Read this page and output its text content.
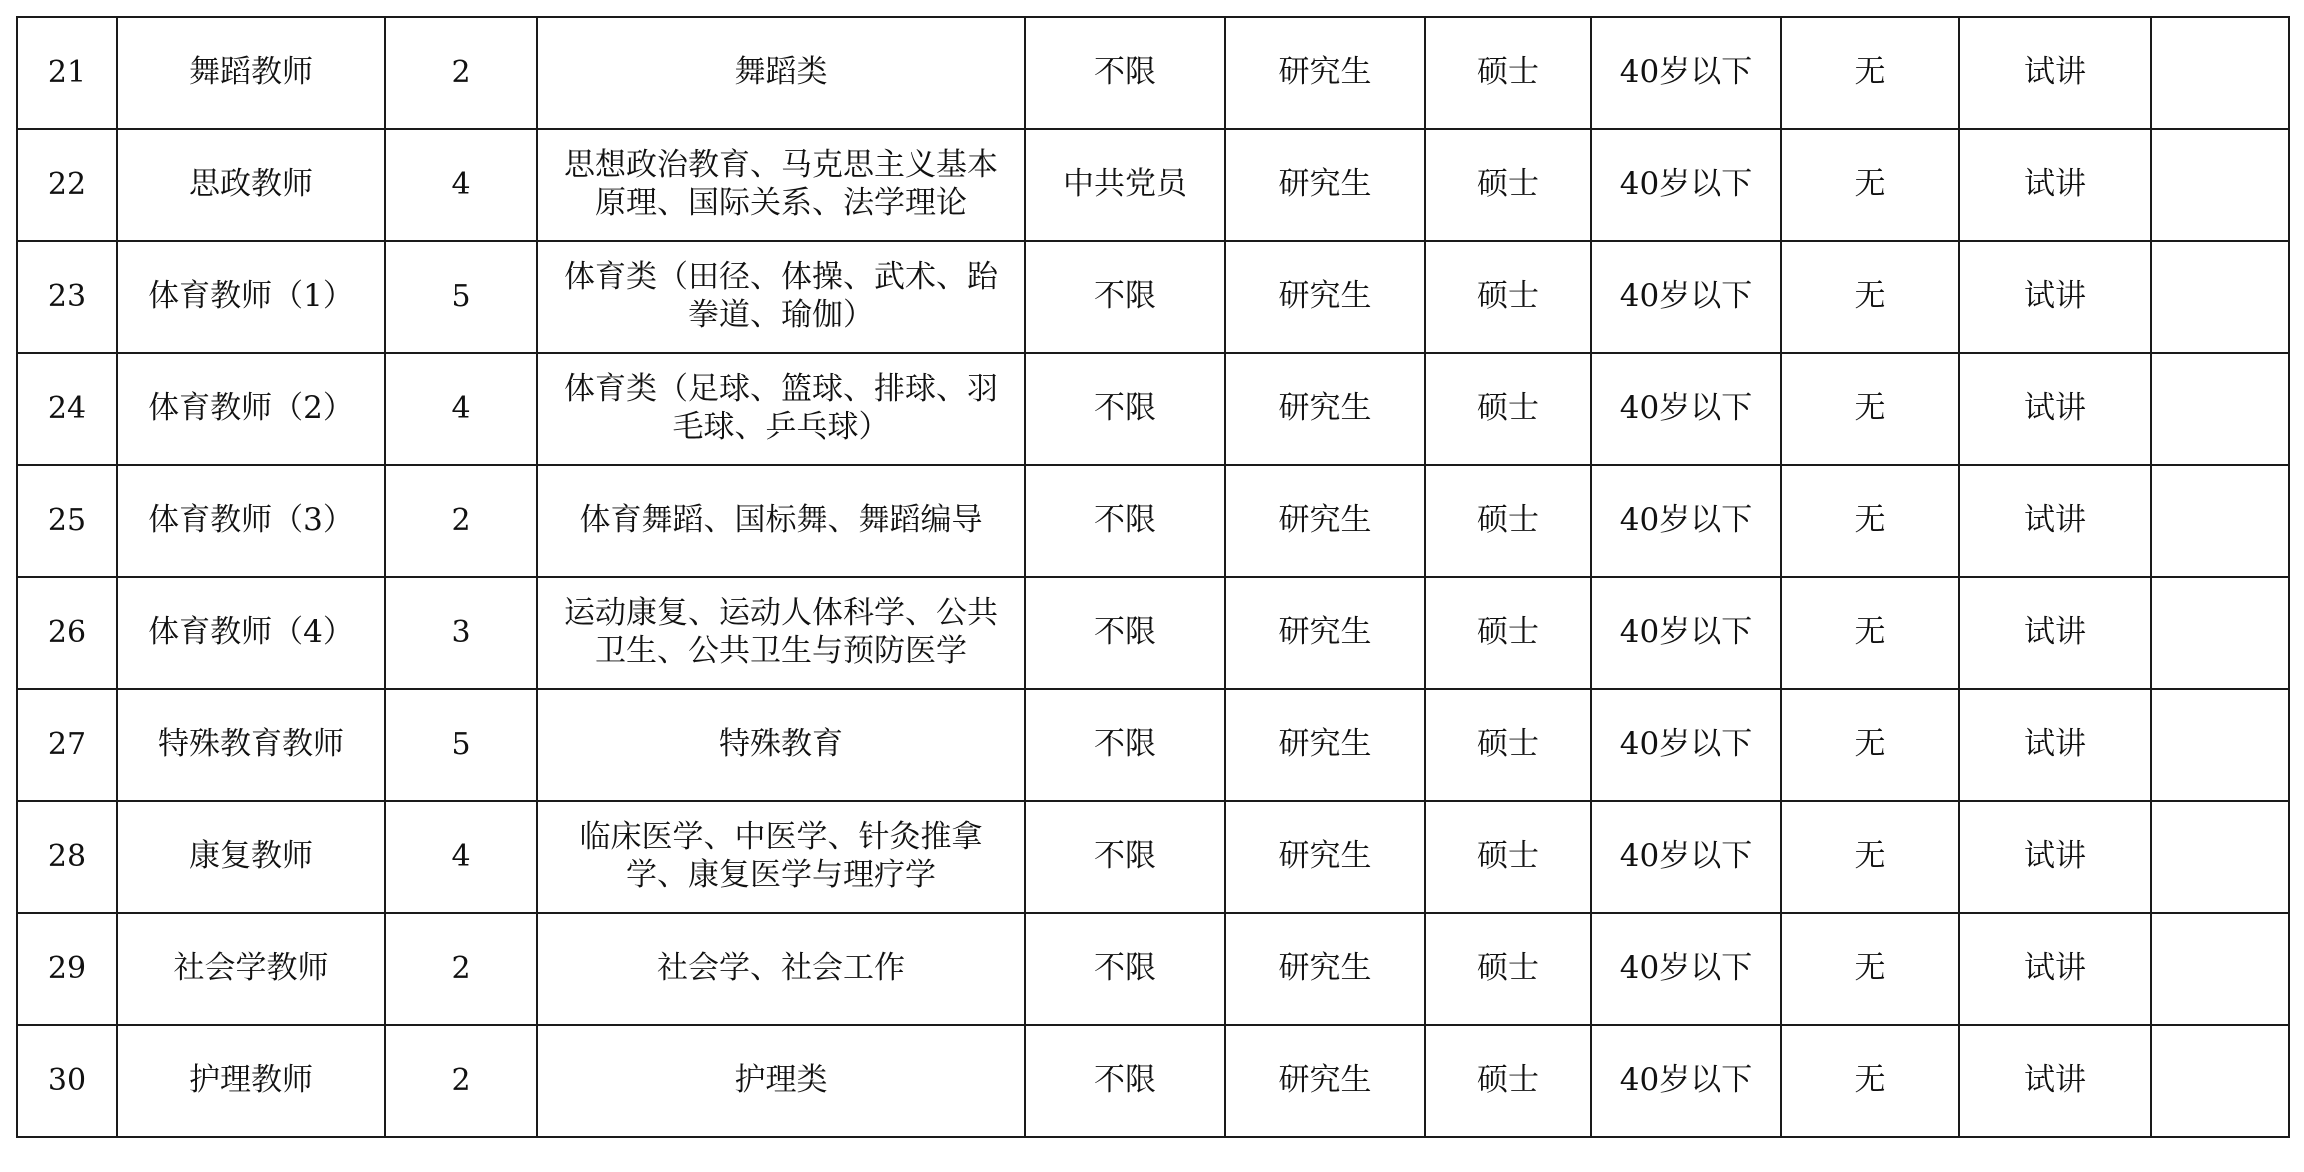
21	舞蹈教师	2	舞蹈类	不限	研究生	硕士	40岁以下	无	试讲	
22	思政教师	4	思想政治教育、马克思主义基本原理、国际关系、法学理论	中共党员	研究生	硕士	40岁以下	无	试讲	
23	体育教师（1）	5	体育类（田径、体操、武术、跆拳道、瑜伽）	不限	研究生	硕士	40岁以下	无	试讲	
24	体育教师（2）	4	体育类（足球、篮球、排球、羽毛球、乒乓球）	不限	研究生	硕士	40岁以下	无	试讲	
25	体育教师（3）	2	体育舞蹈、国标舞、舞蹈编导	不限	研究生	硕士	40岁以下	无	试讲	
26	体育教师（4）	3	运动康复、运动人体科学、公共卫生、公共卫生与预防医学	不限	研究生	硕士	40岁以下	无	试讲	
27	特殊教育教师	5	特殊教育	不限	研究生	硕士	40岁以下	无	试讲	
28	康复教师	4	临床医学、中医学、针灸推拿学、康复医学与理疗学	不限	研究生	硕士	40岁以下	无	试讲	
29	社会学教师	2	社会学、社会工作	不限	研究生	硕士	40岁以下	无	试讲	
30	护理教师	2	护理类	不限	研究生	硕士	40岁以下	无	试讲	
